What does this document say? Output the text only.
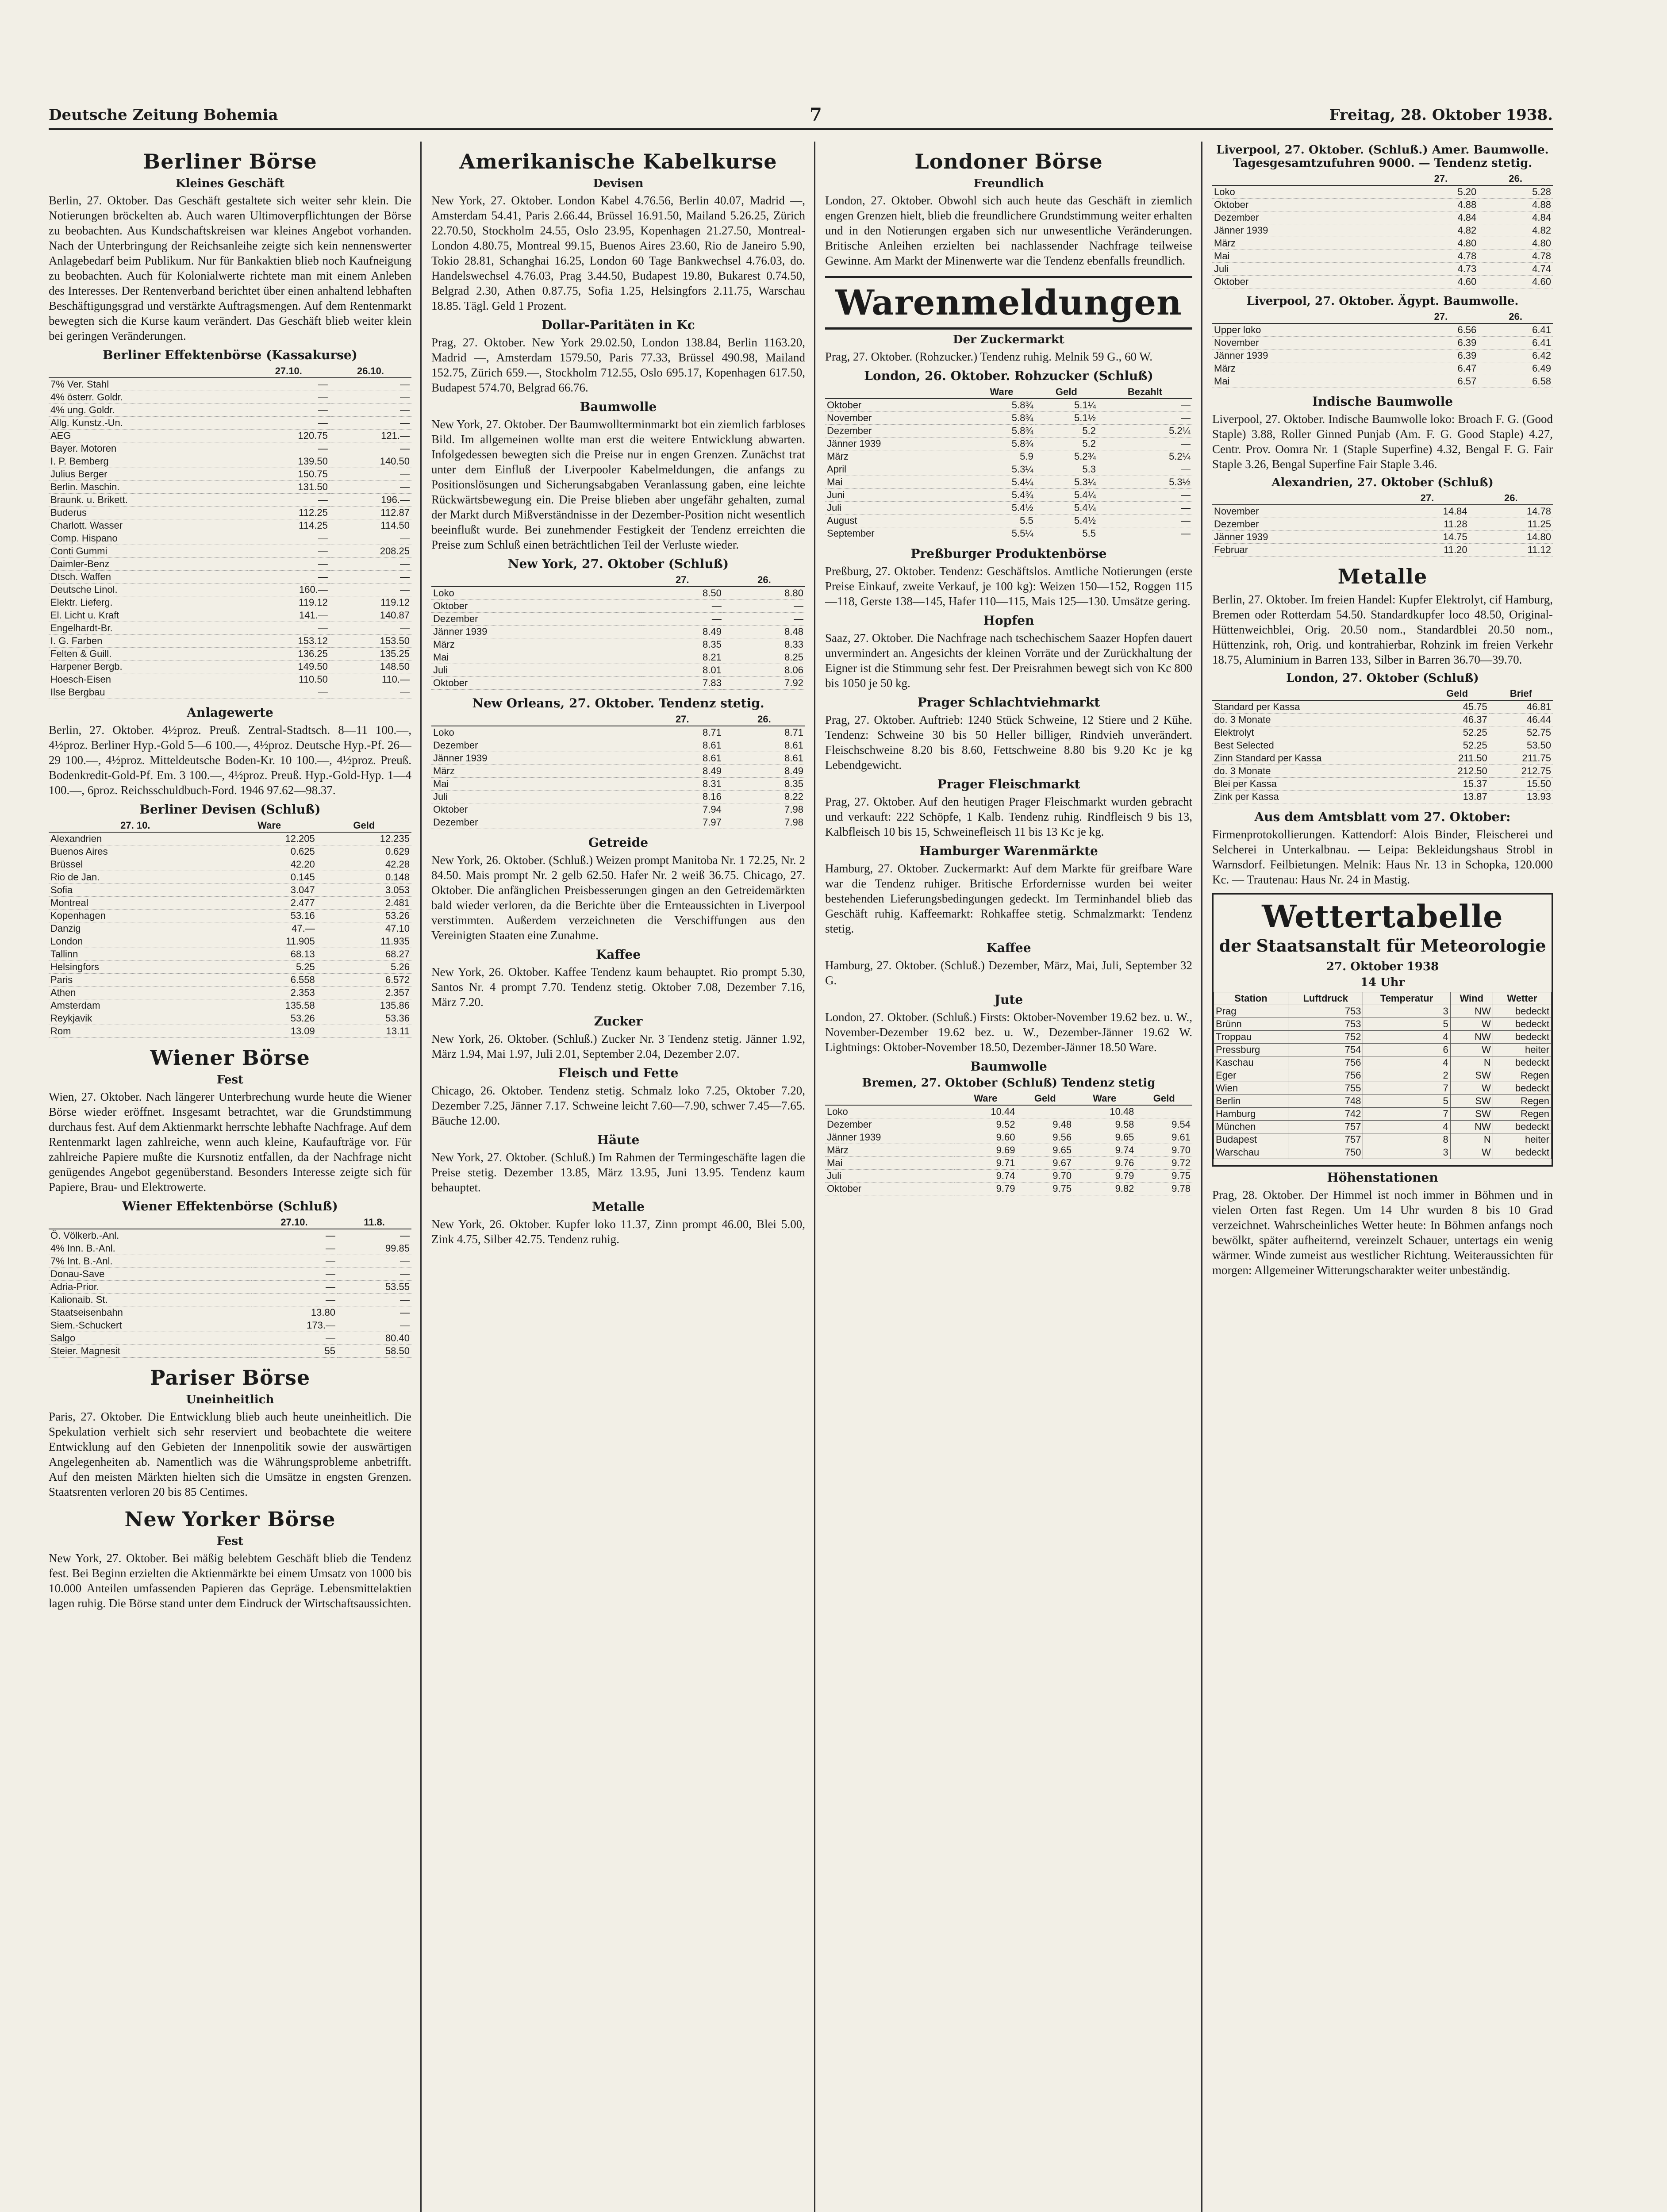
Deutsche Zeitung Bohemia	7	Freitag, 28. Oktober 1938.
Berliner Börse
Kleines Geschäft

Berlin, 27. Oktober. Das Geschäft gestaltete sich weiter sehr klein. Die Notierungen bröckelten ab. Auch waren Ultimoverpflichtungen der Börse zu beobachten. Aus Kundschaftskreisen war kleines Angebot vorhanden. Nach der Unterbringung der Reichsanleihe zeigte sich kein nennenswerter Anlagebedarf beim Publikum. Nur für Bankaktien blieb noch Kaufneigung zu beobachten. Auch für Kolonialwerte richtete man mit einem Anleben des Interesses. Der Rentenverband berichtet über einen anhaltend lebhaften Beschäftigungsgrad und verstärkte Auftragsmengen. Auf dem Rentenmarkt bewegten sich die Kurse kaum verändert. Das Geschäft blieb weiter klein bei geringen Veränderungen.

Berliner Effektenbörse (Kassakurse)
	27.10.	26.10.
7% Ver. Stahl	—	—
4% österr. Goldr.	—	—
4% ung. Goldr.	—	—
Allg. Kunstz.-Un.	—	—
AEG	120.75	121.—
Bayer. Motoren	—	—
I. P. Bemberg	139.50	140.50
Julius Berger	150.75	—
Berlin. Maschin.	131.50	—
Braunk. u. Brikett.	—	196.—
Buderus	112.25	112.87
Charlott. Wasser	114.25	114.50
Comp. Hispano	—	—
Conti Gummi	—	208.25
Daimler-Benz	—	—
Dtsch. Waffen	—	—
Deutsche Linol.	160.—	—
Elektr. Lieferg.	119.12	119.12
El. Licht u. Kraft	141.—	140.87
Engelhardt-Br.	—	—
I. G. Farben	153.12	153.50
Felten & Guill.	136.25	135.25
Harpener Bergb.	149.50	148.50
Hoesch-Eisen	110.50	110.—
Ilse Bergbau	—	—
Anlagewerte

Berlin, 27. Oktober. 4½proz. Preuß. Zentral-Stadtsch. 8—11 100.—, 4½proz. Berliner Hyp.-Gold 5—6 100.—, 4½proz. Deutsche Hyp.-Pf. 26—29 100.—, 4½proz. Mitteldeutsche Boden-Kr. 10 100.—, 4½proz. Preuß. Bodenkredit-Gold-Pf. Em. 3 100.—, 4½proz. Preuß. Hyp.-Gold-Hyp. 1—4 100.—, 6proz. Reichsschuldbuch-Ford. 1946 97.62—98.37.

Berliner Devisen (Schluß)
27. 10.	Ware	Geld
Alexandrien	12.205	12.235
Buenos Aires	0.625	0.629
Brüssel	42.20	42.28
Rio de Jan.	0.145	0.148
Sofia	3.047	3.053
Montreal	2.477	2.481
Kopenhagen	53.16	53.26
Danzig	47.—	47.10
London	11.905	11.935
Tallinn	68.13	68.27
Helsingfors	5.25	5.26
Paris	6.558	6.572
Athen	2.353	2.357
Amsterdam	135.58	135.86
Reykjavik	53.26	53.36
Rom	13.09	13.11
Wiener Börse
Fest

Wien, 27. Oktober. Nach längerer Unterbrechung wurde heute die Wiener Börse wieder eröffnet. Insgesamt betrachtet, war die Grundstimmung durchaus fest. Auf dem Aktienmarkt herrschte lebhafte Nachfrage. Auf dem Rentenmarkt lagen zahlreiche, wenn auch kleine, Kaufaufträge vor. Für zahlreiche Papiere mußte die Kursnotiz entfallen, da der Nachfrage nicht genügendes Angebot gegenüberstand. Besonders Interesse zeigte sich für Papiere, Brau- und Elektrowerte.

Wiener Effektenbörse (Schluß)
	27.10.	11.8.
Ö. Völkerb.-Anl.	—	—
4% Inn. B.-Anl.	—	99.85
7% Int. B.-Anl.	—	—
Donau-Save	—	—
Adria-Prior.	—	53.55
Kalionaib. St.	—	—
Staatseisenbahn	13.80	—
Siem.-Schuckert	173.—	—
Salgo	—	80.40
Steier. Magnesit	55	58.50
Pariser Börse
Uneinheitlich

Paris, 27. Oktober. Die Entwicklung blieb auch heute uneinheitlich. Die Spekulation verhielt sich sehr reserviert und beobachtete die weitere Entwicklung auf den Gebieten der Innenpolitik sowie der auswärtigen Angelegenheiten ab. Namentlich was die Währungsprobleme anbetrifft. Auf den meisten Märkten hielten sich die Umsätze in engsten Grenzen. Staatsrenten verloren 20 bis 85 Centimes.

New Yorker Börse
Fest

New York, 27. Oktober. Bei mäßig belebtem Geschäft blieb die Tendenz fest. Bei Beginn erzielten die Aktienmärkte bei einem Umsatz von 1000 bis 10.000 Anteilen umfassenden Papieren das Gepräge. Lebensmittelaktien lagen ruhig. Die Börse stand unter dem Eindruck der Wirtschaftsaussichten.

Amerikanische Kabelkurse
Devisen

New York, 27. Oktober. London Kabel 4.76.56, Berlin 40.07, Madrid —, Amsterdam 54.41, Paris 2.66.44, Brüssel 16.91.50, Mailand 5.26.25, Zürich 22.70.50, Stockholm 24.55, Oslo 23.95, Kopenhagen 21.27.50, Montreal-London 4.80.75, Montreal 99.15, Buenos Aires 23.60, Rio de Janeiro 5.90, Tokio 28.81, Schanghai 16.25, London 60 Tage Bankwechsel 4.76.03, do. Handelswechsel 4.76.03, Prag 3.44.50, Budapest 19.80, Bukarest 0.74.50, Belgrad 2.30, Athen 0.87.75, Sofia 1.25, Helsingfors 2.11.75, Warschau 18.85. Tägl. Geld 1 Prozent.

Dollar-Paritäten in Kc

Prag, 27. Oktober. New York 29.02.50, London 138.84, Berlin 1163.20, Madrid —, Amsterdam 1579.50, Paris 77.33, Brüssel 490.98, Mailand 152.75, Zürich 659.—, Stockholm 712.55, Oslo 695.17, Kopenhagen 617.50, Budapest 574.70, Belgrad 66.76.

Baumwolle

New York, 27. Oktober. Der Baumwollterminmarkt bot ein ziemlich farbloses Bild. Im allgemeinen wollte man erst die weitere Entwicklung abwarten. Infolgedessen bewegten sich die Preise nur in engen Grenzen. Zunächst trat unter dem Einfluß der Liverpooler Kabelmeldungen, die anfangs zu Positionslösungen und Sicherungsabgaben Veranlassung gaben, eine leichte Rückwärtsbewegung ein. Die Preise blieben aber ungefähr gehalten, zumal der Markt durch Mißverständnisse in der Dezember-Position nicht wesentlich beeinflußt wurde. Bei zunehmender Festigkeit der Tendenz erreichten die Preise zum Schluß einen beträchtlichen Teil der Verluste wieder.

New York, 27. Oktober (Schluß)
	27.	26.
Loko	8.50	8.80
Oktober	—	—
Dezember	—	—
Jänner 1939	8.49	8.48
März	8.35	8.33
Mai	8.21	8.25
Juli	8.01	8.06
Oktober	7.83	7.92
New Orleans, 27. Oktober. Tendenz stetig.
	27.	26.
Loko	8.71	8.71
Dezember	8.61	8.61
Jänner 1939	8.61	8.61
März	8.49	8.49
Mai	8.31	8.35
Juli	8.16	8.22
Oktober	7.94	7.98
Dezember	7.97	7.98
Getreide

New York, 26. Oktober. (Schluß.) Weizen prompt Manitoba Nr. 1 72.25, Nr. 2 84.50. Mais prompt Nr. 2 gelb 62.50. Hafer Nr. 2 weiß 36.75. Chicago, 27. Oktober. Die anfänglichen Preisbesserungen gingen an den Getreidemärkten bald wieder verloren, da die Berichte über die Ernteaussichten in Liverpool verstimmten. Außerdem verzeichneten die Verschiffungen aus den Vereinigten Staaten eine Zunahme.

Kaffee

New York, 26. Oktober. Kaffee Tendenz kaum behauptet. Rio prompt 5.30, Santos Nr. 4 prompt 7.70. Tendenz stetig. Oktober 7.08, Dezember 7.16, März 7.20.

Zucker

New York, 26. Oktober. (Schluß.) Zucker Nr. 3 Tendenz stetig. Jänner 1.92, März 1.94, Mai 1.97, Juli 2.01, September 2.04, Dezember 2.07.

Fleisch und Fette

Chicago, 26. Oktober. Tendenz stetig. Schmalz loko 7.25, Oktober 7.20, Dezember 7.25, Jänner 7.17. Schweine leicht 7.60—7.90, schwer 7.45—7.65. Bäuche 12.00.

Häute

New York, 27. Oktober. (Schluß.) Im Rahmen der Termingeschäfte lagen die Preise stetig. Dezember 13.85, März 13.95, Juni 13.95. Tendenz kaum behauptet.

Metalle

New York, 26. Oktober. Kupfer loko 11.37, Zinn prompt 46.00, Blei 5.00, Zink 4.75, Silber 42.75. Tendenz ruhig.

Londoner Börse
Freundlich

London, 27. Oktober. Obwohl sich auch heute das Geschäft in ziemlich engen Grenzen hielt, blieb die freundlichere Grundstimmung weiter erhalten und in den Notierungen ergaben sich nur unwesentliche Veränderungen. Britische Anleihen erzielten bei nachlassender Nachfrage teilweise Gewinne. Am Markt der Minenwerte war die Tendenz ebenfalls freundlich.

Warenmeldungen
Der Zuckermarkt

Prag, 27. Oktober. (Rohzucker.) Tendenz ruhig. Melnik 59 G., 60 W.

London, 26. Oktober. Rohzucker (Schluß)
	Ware	Geld	Bezahlt
Oktober	5.8¾	5.1¼	—
November	5.8¾	5.1½	—
Dezember	5.8¾	5.2	5.2¼
Jänner 1939	5.8¾	5.2	—
März	5.9	5.2¾	5.2¼
April	5.3¼	5.3	—
Mai	5.4¼	5.3¼	5.3½
Juni	5.4¾	5.4¼	—
Juli	5.4½	5.4¼	—
August	5.5	5.4½	—
September	5.5¼	5.5	—
Preßburger Produktenbörse

Preßburg, 27. Oktober. Tendenz: Geschäftslos. Amtliche Notierungen (erste Preise Einkauf, zweite Verkauf, je 100 kg): Weizen 150—152, Roggen 115—118, Gerste 138—145, Hafer 110—115, Mais 125—130. Umsätze gering.

Hopfen

Saaz, 27. Oktober. Die Nachfrage nach tschechischem Saazer Hopfen dauert unvermindert an. Angesichts der kleinen Vorräte und der Zurückhaltung der Eigner ist die Stimmung sehr fest. Der Preisrahmen bewegt sich von Kc 800 bis 1050 je 50 kg.

Prager Schlachtviehmarkt

Prag, 27. Oktober. Auftrieb: 1240 Stück Schweine, 12 Stiere und 2 Kühe. Tendenz: Schweine 30 bis 50 Heller billiger, Rindvieh unverändert. Fleischschweine 8.20 bis 8.60, Fettschweine 8.80 bis 9.20 Kc je kg Lebendgewicht.

Prager Fleischmarkt

Prag, 27. Oktober. Auf den heutigen Prager Fleischmarkt wurden gebracht und verkauft: 222 Schöpfe, 1 Kalb. Tendenz ruhig. Rindfleisch 9 bis 13, Kalbfleisch 10 bis 15, Schweinefleisch 11 bis 13 Kc je kg.

Hamburger Warenmärkte

Hamburg, 27. Oktober. Zuckermarkt: Auf dem Markte für greifbare Ware war die Tendenz ruhiger. Britische Erfordernisse wurden bei weiter bestehenden Lieferungsbedingungen gedeckt. Im Terminhandel blieb das Geschäft ruhig. Kaffeemarkt: Rohkaffee stetig. Schmalzmarkt: Tendenz stetig.

Kaffee

Hamburg, 27. Oktober. (Schluß.) Dezember, März, Mai, Juli, September 32 G.

Jute

London, 27. Oktober. (Schluß.) Firsts: Oktober-November 19.62 bez. u. W., November-Dezember 19.62 bez. u. W., Dezember-Jänner 19.62 W. Lightnings: Oktober-November 18.50, Dezember-Jänner 18.50 Ware.

Baumwolle
Bremen, 27. Oktober (Schluß) Tendenz stetig
	Ware	Geld	Ware	Geld
Loko	10.44		10.48	
Dezember	9.52	9.48	9.58	9.54
Jänner 1939	9.60	9.56	9.65	9.61
März	9.69	9.65	9.74	9.70
Mai	9.71	9.67	9.76	9.72
Juli	9.74	9.70	9.79	9.75
Oktober	9.79	9.75	9.82	9.78
Liverpool, 27. Oktober. (Schluß.) Amer. Baumwolle. Tagesgesamtzufuhren 9000. — Tendenz stetig.
	27.	26.
Loko	5.20	5.28
Oktober	4.88	4.88
Dezember	4.84	4.84
Jänner 1939	4.82	4.82
März	4.80	4.80
Mai	4.78	4.78
Juli	4.73	4.74
Oktober	4.60	4.60
Liverpool, 27. Oktober. Ägypt. Baumwolle.
	27.	26.
Upper loko	6.56	6.41
November	6.39	6.41
Jänner 1939	6.39	6.42
März	6.47	6.49
Mai	6.57	6.58
Indische Baumwolle

Liverpool, 27. Oktober. Indische Baumwolle loko: Broach F. G. (Good Staple) 3.88, Roller Ginned Punjab (Am. F. G. Good Staple) 4.27, Centr. Prov. Oomra Nr. 1 (Staple Superfine) 4.32, Bengal F. G. Fair Staple 3.26, Bengal Superfine Fair Staple 3.46.

Alexandrien, 27. Oktober (Schluß)
	27.	26.
November	14.84	14.78
Dezember	11.28	11.25
Jänner 1939	14.75	14.80
Februar	11.20	11.12
Metalle

Berlin, 27. Oktober. Im freien Handel: Kupfer Elektrolyt, cif Hamburg, Bremen oder Rotterdam 54.50. Standardkupfer loco 48.50, Original-Hüttenweichblei, Orig. 20.50 nom., Standardblei 20.50 nom., Hüttenzink, roh, Orig. und kontrahierbar, Rohzink im freien Verkehr 18.75, Aluminium in Barren 133, Silber in Barren 36.70—39.70.

London, 27. Oktober (Schluß)
	Geld	Brief
Standard per Kassa	45.75	46.81
do. 3 Monate	46.37	46.44
Elektrolyt	52.25	52.75
Best Selected	52.25	53.50
Zinn Standard per Kassa	211.50	211.75
do. 3 Monate	212.50	212.75
Blei per Kassa	15.37	15.50
Zink per Kassa	13.87	13.93
Aus dem Amtsblatt vom 27. Oktober:

Firmenprotokollierungen. Kattendorf: Alois Binder, Fleischerei und Selcherei in Unterkalbnau. — Leipa: Bekleidungshaus Strobl in Warnsdorf. Feilbietungen. Melnik: Haus Nr. 13 in Schopka, 120.000 Kc. — Trautenau: Haus Nr. 24 in Mastig.

Wettertabelle
der Staatsanstalt für Meteorologie
27. Oktober 1938
14 Uhr
Station	Luftdruck	Temperatur	Wind	Wetter
Prag	753	3	NW	bedeckt
Brünn	753	5	W	bedeckt
Troppau	752	4	NW	bedeckt
Pressburg	754	6	W	heiter
Kaschau	756	4	N	bedeckt
Eger	756	2	SW	Regen
Wien	755	7	W	bedeckt
Berlin	748	5	SW	Regen
Hamburg	742	7	SW	Regen
München	757	4	NW	bedeckt
Budapest	757	8	N	heiter
Warschau	750	3	W	bedeckt
Höhenstationen

Prag, 28. Oktober. Der Himmel ist noch immer in Böhmen und in vielen Orten fast Regen. Um 14 Uhr wurden 8 bis 10 Grad verzeichnet. Wahrscheinliches Wetter heute: In Böhmen anfangs noch bewölkt, später aufheiternd, vereinzelt Schauer, untertags ein wenig wärmer. Winde zumeist aus westlicher Richtung. Weiteraussichten für morgen: Allgemeiner Witterungscharakter weiter unbeständig.
